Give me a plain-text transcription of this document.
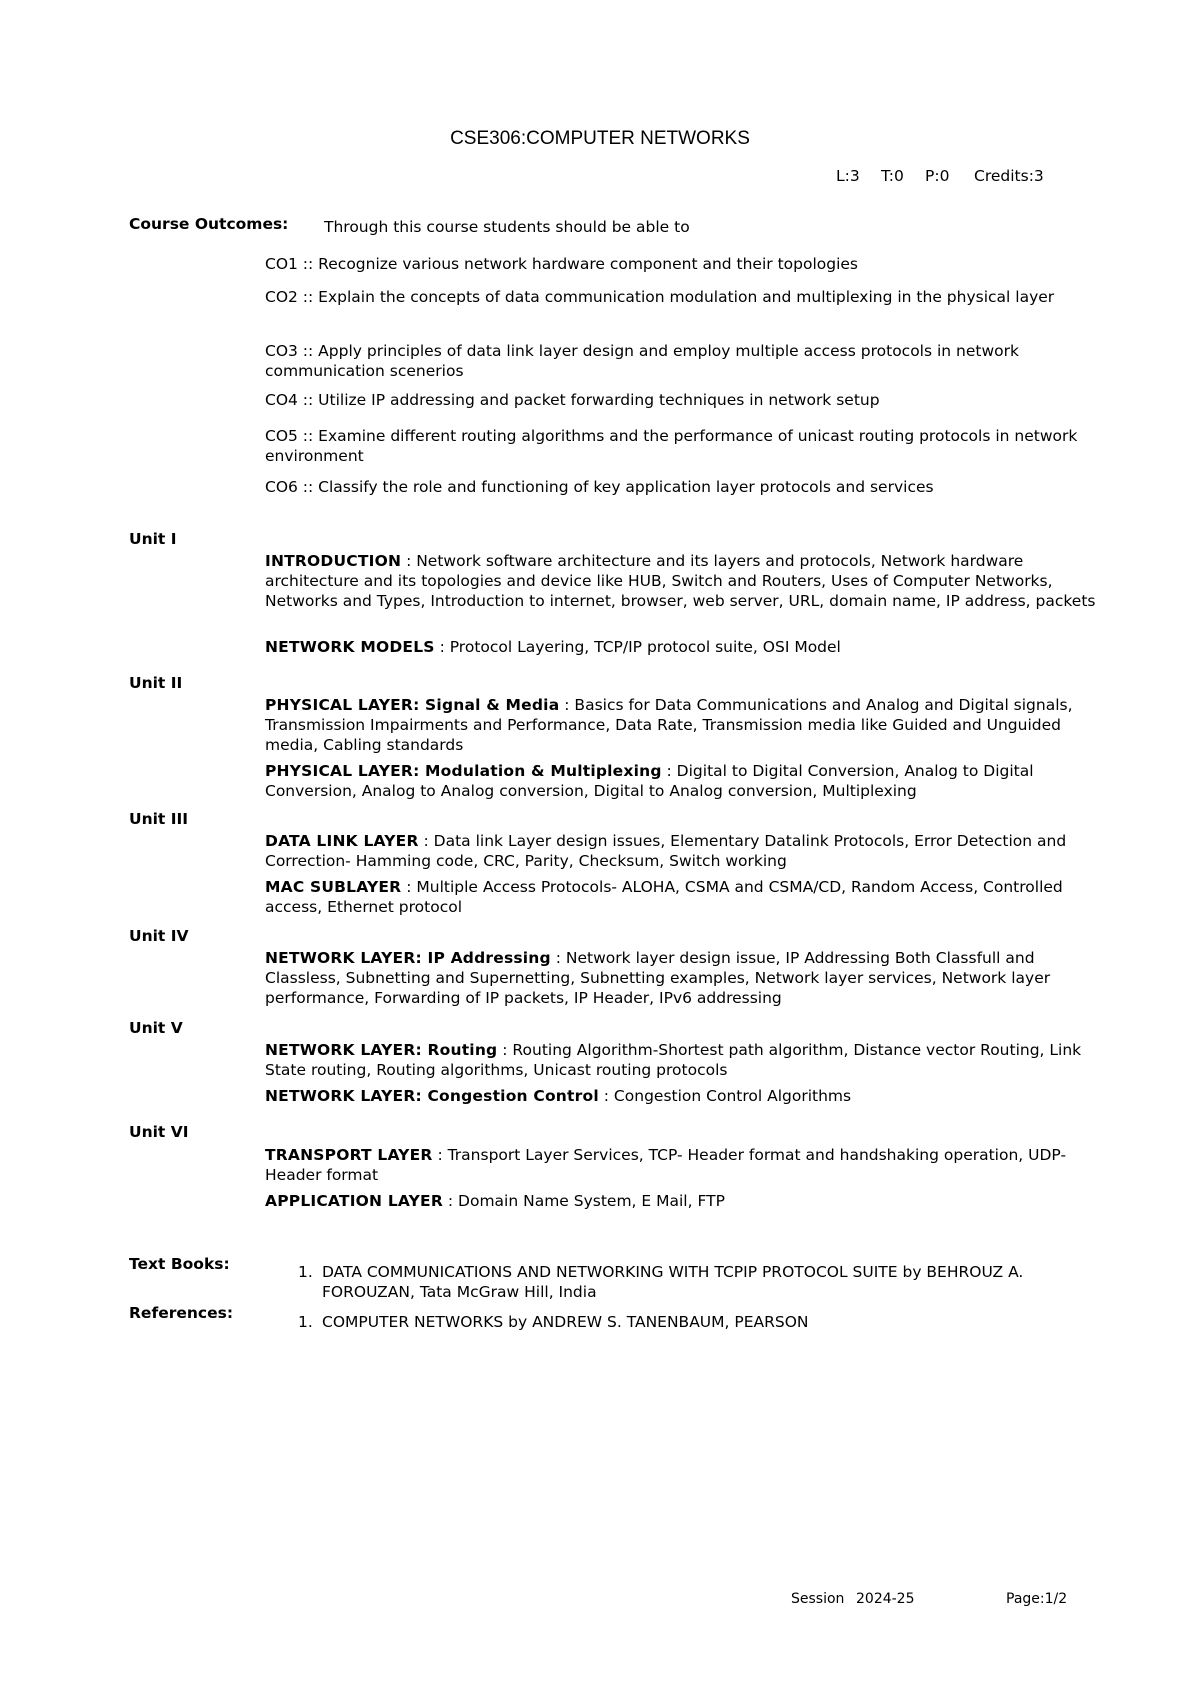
CSE306:COMPUTER NETWORKS
L:3 T:0 P:0 Credits:3
Course Outcomes: Through this course students should be able to
CO1 :: Recognize various network hardware component and their topologies
CO2 :: Explain the concepts of data communication modulation and multiplexing in the physical layer
CO3 :: Apply principles of data link layer design and employ multiple access protocols in network communication scenerios
CO4 :: Utilize IP addressing and packet forwarding techniques in network setup
CO5 :: Examine different routing algorithms and the performance of unicast routing protocols in network environment
CO6 :: Classify the role and functioning of key application layer protocols and services
Unit I
INTRODUCTION : Network software architecture and its layers and protocols, Network hardware architecture and its topologies and device like HUB, Switch and Routers, Uses of Computer Networks, Networks and Types, Introduction to internet, browser, web server, URL, domain name, IP address, packets
NETWORK MODELS : Protocol Layering, TCP/IP protocol suite, OSI Model
Unit II
PHYSICAL LAYER: Signal & Media : Basics for Data Communications and Analog and Digital signals, Transmission Impairments and Performance, Data Rate, Transmission media like Guided and Unguided media, Cabling standards
PHYSICAL LAYER: Modulation & Multiplexing : Digital to Digital Conversion, Analog to Digital Conversion, Analog to Analog conversion, Digital to Analog conversion, Multiplexing
Unit III
DATA LINK LAYER : Data link Layer design issues, Elementary Datalink Protocols, Error Detection and Correction- Hamming code, CRC, Parity, Checksum, Switch working
MAC SUBLAYER : Multiple Access Protocols- ALOHA, CSMA and CSMA/CD, Random Access, Controlled access, Ethernet protocol
Unit IV
NETWORK LAYER: IP Addressing : Network layer design issue, IP Addressing Both Classfull and Classless, Subnetting and Supernetting, Subnetting examples, Network layer services, Network layer performance, Forwarding of IP packets, IP Header, IPv6 addressing
Unit V
NETWORK LAYER: Routing : Routing Algorithm-Shortest path algorithm, Distance vector Routing, Link State routing, Routing algorithms, Unicast routing protocols
NETWORK LAYER: Congestion Control : Congestion Control Algorithms
Unit VI
TRANSPORT LAYER : Transport Layer Services, TCP- Header format and handshaking operation, UDP- Header format
APPLICATION LAYER : Domain Name System, E Mail, FTP
Text Books:	1. DATA COMMUNICATIONS AND NETWORKING WITH TCPIP PROTOCOL SUITE by BEHROUZ A. FOROUZAN, Tata McGraw Hill, India
References:	1. COMPUTER NETWORKS by ANDREW S. TANENBAUM, PEARSON
Session 2024-25	Page:1/2
